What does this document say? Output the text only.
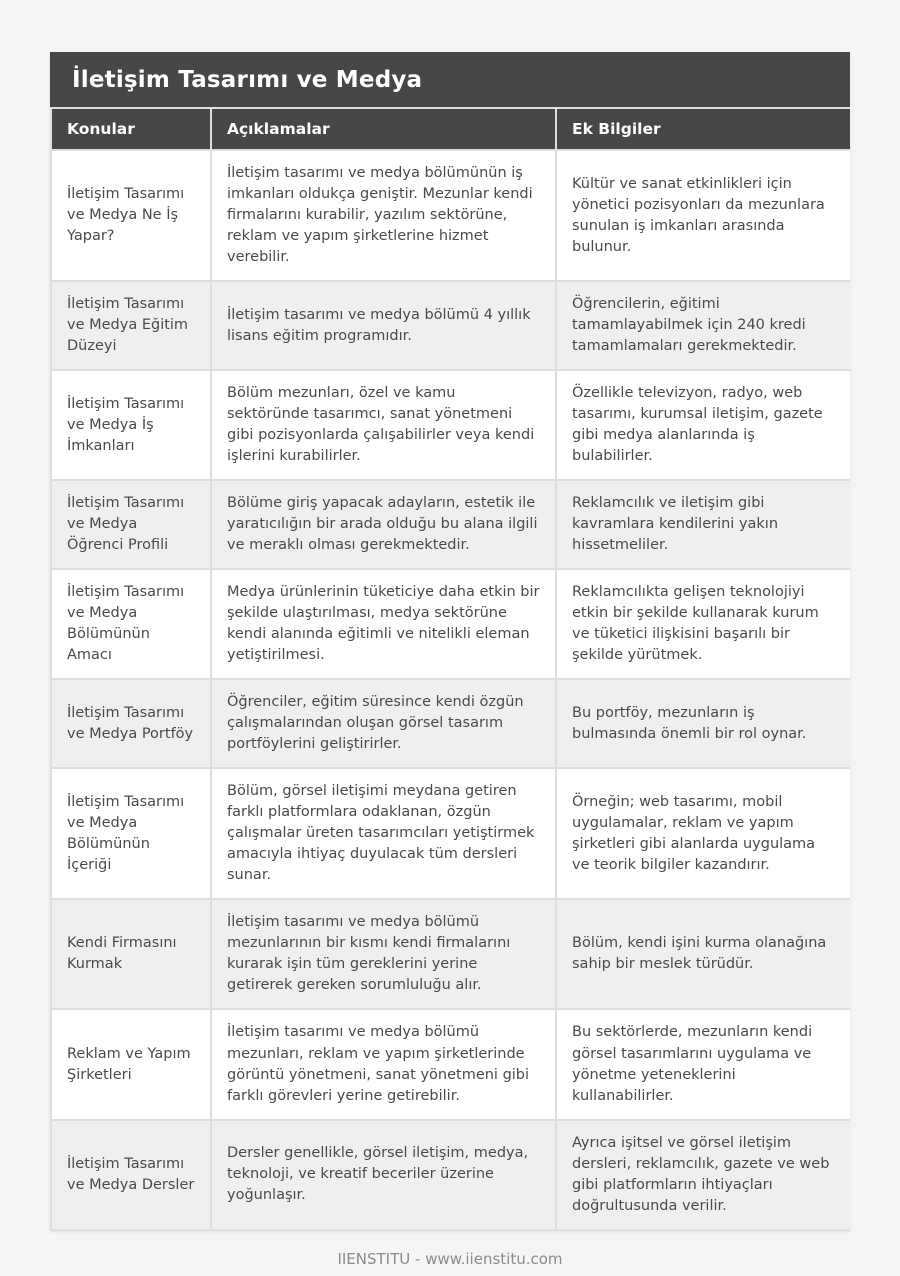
İletişim Tasarımı ve Medya
Konular	Açıklamalar	Ek Bilgiler
İletişim Tasarımı ve Medya Ne İş Yapar?	İletişim tasarımı ve medya bölümünün iş imkanları oldukça geniştir. Mezunlar kendi firmalarını kurabilir, yazılım sektörüne, reklam ve yapım şirketlerine hizmet verebilir.	Kültür ve sanat etkinlikleri için yönetici pozisyonları da mezunlara sunulan iş imkanları arasında bulunur.
İletişim Tasarımı ve Medya Eğitim Düzeyi	İletişim tasarımı ve medya bölümü 4 yıllık lisans eğitim programıdır.	Öğrencilerin, eğitimi tamamlayabilmek için 240 kredi tamamlamaları gerekmektedir.
İletişim Tasarımı ve Medya İş İmkanları	Bölüm mezunları, özel ve kamu sektöründe tasarımcı, sanat yönetmeni gibi pozisyonlarda çalışabilirler veya kendi işlerini kurabilirler.	Özellikle televizyon, radyo, web tasarımı, kurumsal iletişim, gazete gibi medya alanlarında iş bulabilirler.
İletişim Tasarımı ve Medya Öğrenci Profili	Bölüme giriş yapacak adayların, estetik ile yaratıcılığın bir arada olduğu bu alana ilgili ve meraklı olması gerekmektedir.	Reklamcılık ve iletişim gibi kavramlara kendilerini yakın hissetmeliler.
İletişim Tasarımı ve Medya Bölümünün Amacı	Medya ürünlerinin tüketiciye daha etkin bir şekilde ulaştırılması, medya sektörüne kendi alanında eğitimli ve nitelikli eleman yetiştirilmesi.	Reklamcılıkta gelişen teknolojiyi etkin bir şekilde kullanarak kurum ve tüketici ilişkisini başarılı bir şekilde yürütmek.
İletişim Tasarımı ve Medya Portföy	Öğrenciler, eğitim süresince kendi özgün çalışmalarından oluşan görsel tasarım portföylerini geliştirirler.	Bu portföy, mezunların iş bulmasında önemli bir rol oynar.
İletişim Tasarımı ve Medya Bölümünün İçeriği	Bölüm, görsel iletişimi meydana getiren farklı platformlara odaklanan, özgün çalışmalar üreten tasarımcıları yetiştirmek amacıyla ihtiyaç duyulacak tüm dersleri sunar.	Örneğin; web tasarımı, mobil uygulamalar, reklam ve yapım şirketleri gibi alanlarda uygulama ve teorik bilgiler kazandırır.
Kendi Firmasını Kurmak	İletişim tasarımı ve medya bölümü mezunlarının bir kısmı kendi firmalarını kurarak işin tüm gereklerini yerine getirerek gereken sorumluluğu alır.	Bölüm, kendi işini kurma olanağına sahip bir meslek türüdür.
Reklam ve Yapım Şirketleri	İletişim tasarımı ve medya bölümü mezunları, reklam ve yapım şirketlerinde görüntü yönetmeni, sanat yönetmeni gibi farklı görevleri yerine getirebilir.	Bu sektörlerde, mezunların kendi görsel tasarımlarını uygulama ve yönetme yeteneklerini kullanabilirler.
İletişim Tasarımı ve Medya Dersler	Dersler genellikle, görsel iletişim, medya, teknoloji, ve kreatif beceriler üzerine yoğunlaşır.	Ayrıca işitsel ve görsel iletişim dersleri, reklamcılık, gazete ve web gibi platformların ihtiyaçları doğrultusunda verilir.
IIENSTITU - www.iienstitu.com
